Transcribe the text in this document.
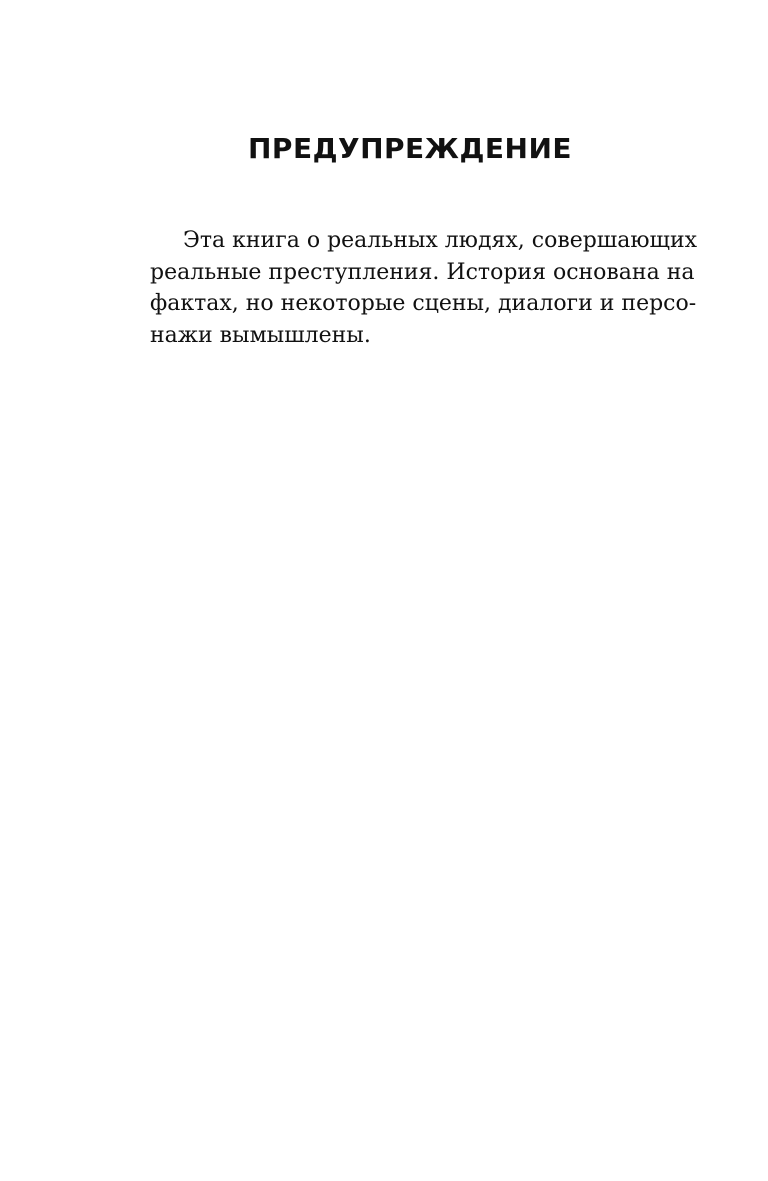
ПРЕДУПРЕЖДЕНИЕ

Эта книга о реальных людях, совершающих
реальные преступления. История основана на
фактах, но некоторые сцены, диалоги и персо-
нажи вымышлены.
